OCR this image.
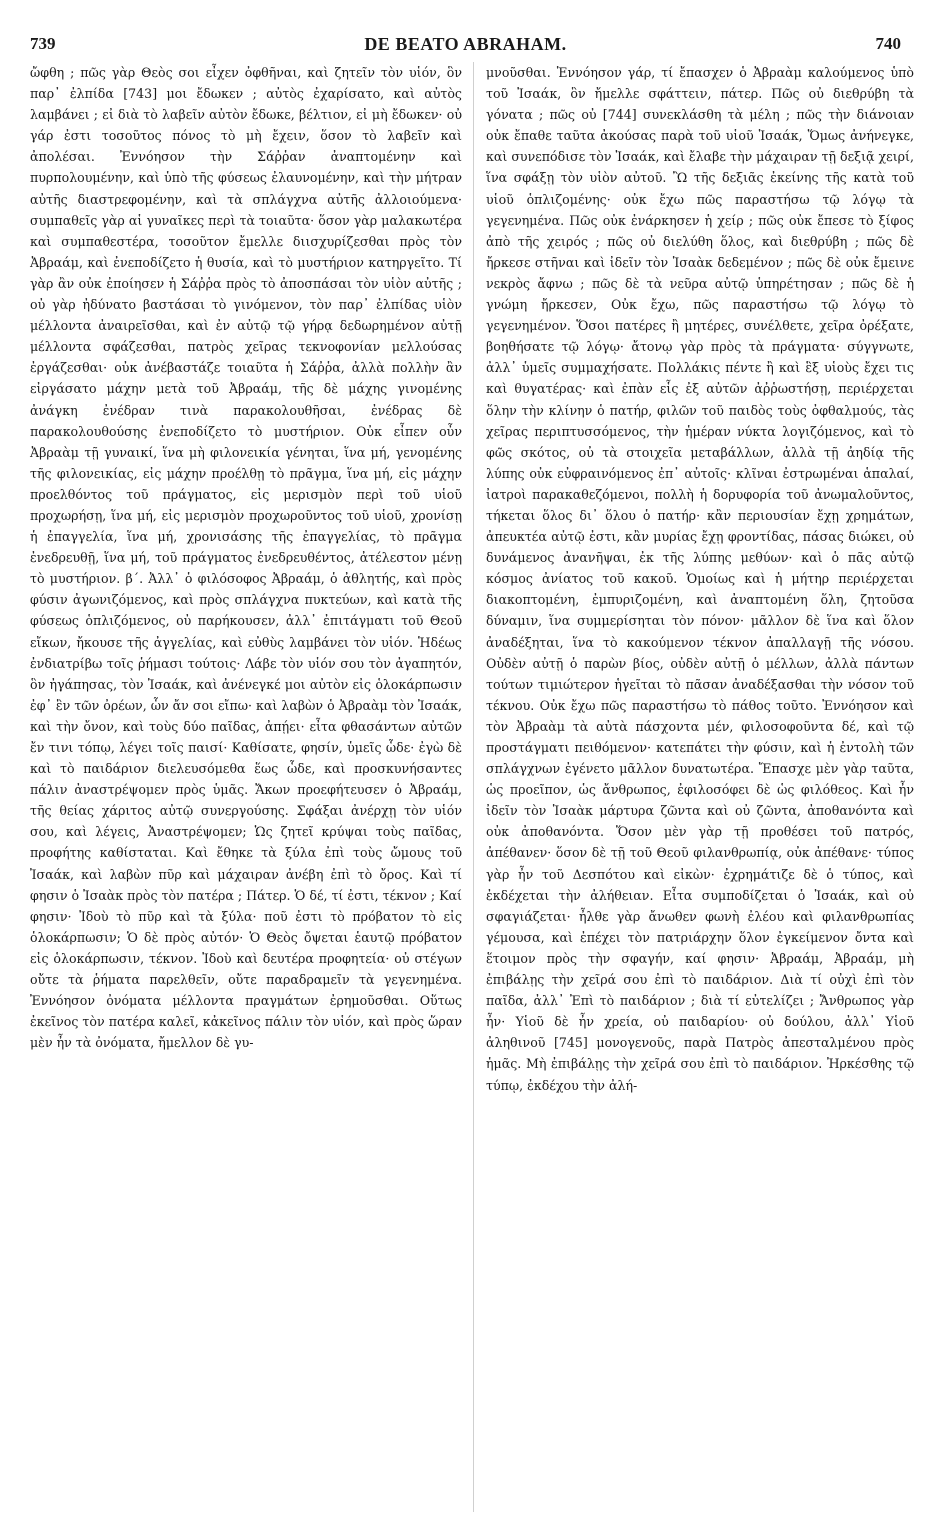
739	DE BEATO ABRAHAM.	740

ὤφθη ; πῶς γὰρ Θεὸς σοι εἶχεν ὀφθῆναι, καὶ ζητεῖν τὸν υἱόν, ὃν παρ᾽ ἐλπίδα [743] μοι ἔδωκεν ; αὐτὸς ἐχαρίσατο, καὶ αὐτὸς λαμβάνει ; εἰ διὰ τὸ λαβεῖν αὐτὸν ἔδωκε, βέλτιον, εἰ μὴ ἔδωκεν· οὐ γάρ ἐστι τοσοῦτος πόνος τὸ μὴ ἔχειν, ὅσον τὸ λαβεῖν καὶ ἀπολέσαι. Ἐννόησον τὴν Σάῤῥαν ἀναπτομένην καὶ πυρπολουμένην, καὶ ὑπὸ τῆς φύσεως ἐλαυνομένην, καὶ τὴν μήτραν αὐτῆς διαστρεφομένην, καὶ τὰ σπλάγχνα αὐτῆς ἀλλοιούμενα· συμπαθεῖς γὰρ αἱ γυναῖκες περὶ τὰ τοιαῦτα· ὅσον γὰρ μαλακωτέρα καὶ συμπαθεστέρα, τοσοῦτον ἔμελλε διισχυρίζεσθαι πρὸς τὸν Ἀβραάμ, καὶ ἐνεποδίζετο ἡ θυσία, καὶ τὸ μυστήριον κατηργεῖτο. Τί γὰρ ἂν οὐκ ἐποίησεν ἡ Σάῤῥα πρὸς τὸ ἀποσπάσαι τὸν υἱὸν αὐτῆς ; οὐ γὰρ ἠδύνατο βαστάσαι τὸ γινόμενον, τὸν παρ᾽ ἐλπίδας υἱὸν μέλλοντα ἀναιρεῖσθαι, καὶ ἐν αὐτῷ τῷ γήρᾳ δεδωρημένον αὐτῇ μέλλοντα σφάζεσθαι, πατρὸς χεῖρας τεκνοφονίαν μελλούσας ἐργάζεσθαι· οὐκ ἀνέβαστάζε τοιαῦτα ἡ Σάῤῥα, ἀλλὰ πολλὴν ἂν εἰργάσατο μάχην μετὰ τοῦ Ἀβραάμ, τῆς δὲ μάχης γινομένης ἀνάγκη ἐνέδραν τινὰ παρακολουθῆσαι, ἐνέδρας δὲ παρακολουθούσης ἐνεποδίζετο τὸ μυστήριον. Οὐκ εἶπεν οὖν Ἀβραὰμ τῇ γυναικί, ἵνα μὴ φιλονεικία γένηται, ἵνα μή, γενομένης τῆς φιλονεικίας, εἰς μάχην προέλθῃ τὸ πρᾶγμα, ἵνα μή, εἰς μάχην προελθόντος τοῦ πράγματος, εἰς μερισμὸν περὶ τοῦ υἱοῦ προχωρήσῃ, ἵνα μή, εἰς μερισμὸν προχωροῦντος τοῦ υἱοῦ, χρονίσῃ ἡ ἐπαγγελία, ἵνα μή, χρονισάσης τῆς ἐπαγγελίας, τὸ πρᾶγμα ἐνεδρευθῇ, ἵνα μή, τοῦ πράγματος ἐνεδρευθέντος, ἀτέλεστον μένῃ τὸ μυστήριον. β΄. Ἀλλ᾽ ὁ φιλόσοφος Ἀβραάμ, ὁ ἀθλητής, καὶ πρὸς φύσιν ἀγωνιζόμενος, καὶ πρὸς σπλάγχνα πυκτεύων, καὶ κατὰ τῆς φύσεως ὁπλιζόμενος, οὐ παρήκουσεν, ἀλλ᾽ ἐπιτάγματι τοῦ Θεοῦ εἴκων, ἤκουσε τῆς ἀγγελίας, καὶ εὐθὺς λαμβάνει τὸν υἱόν. Ἡδέως ἐνδιατρίβω τοῖς ῥήμασι τούτοις· Λάβε τὸν υἱόν σου τὸν ἀγαπητόν, ὃν ἠγάπησας, τὸν Ἰσαάκ, καὶ ἀνένεγκέ μοι αὐτὸν εἰς ὁλοκάρπωσιν ἐφ᾽ ἓν τῶν ὀρέων, ὧν ἄν σοι εἴπω· καὶ λαβὼν ὁ Ἀβραὰμ τὸν Ἰσαάκ, καὶ τὴν ὄνον, καὶ τοὺς δύο παῖδας, ἀπῄει· εἶτα φθασάντων αὐτῶν ἔν τινι τόπῳ, λέγει τοῖς παισί· Καθίσατε, φησίν, ὑμεῖς ὧδε· ἐγὼ δὲ καὶ τὸ παιδάριον διελευσόμεθα ἕως ὧδε, καὶ προσκυνήσαντες πάλιν ἀναστρέψομεν πρὸς ὑμᾶς. Ἄκων προεφήτευσεν ὁ Ἀβραάμ, τῆς θείας χάριτος αὐτῷ συνεργούσης. Σφάξαι ἀνέρχῃ τὸν υἱόν σου, καὶ λέγεις, Ἀναστρέψομεν; Ὡς ζητεῖ κρύψαι τοὺς παῖδας, προφήτης καθίσταται. Καὶ ἔθηκε τὰ ξύλα ἐπὶ τοὺς ὤμους τοῦ Ἰσαάκ, καὶ λαβὼν πῦρ καὶ μάχαιραν ἀνέβη ἐπὶ τὸ ὄρος. Καὶ τί φησιν ὁ Ἰσαὰκ πρὸς τὸν πατέρα ; Πάτερ. Ὁ δέ, τί ἐστι, τέκνον ; Καί φησιν· Ἰδοὺ τὸ πῦρ καὶ τὰ ξύλα· ποῦ ἐστι τὸ πρόβατον τὸ εἰς ὁλοκάρπωσιν; Ὁ δὲ πρὸς αὐτόν· Ὁ Θεὸς ὄψεται ἑαυτῷ πρόβατον εἰς ὁλοκάρπωσιν, τέκνον. Ἰδοὺ καὶ δευτέρα προφητεία· οὐ στέγων οὔτε τὰ ῥήματα παρελθεῖν, οὔτε παραδραμεῖν τὰ γεγενημένα. Ἐννόησον ὀνόματα μέλλοντα πραγμάτων ἐρημοῦσθαι. Οὕτως ἐκεῖνος τὸν πατέρα καλεῖ, κἀκεῖνος πάλιν τὸν υἱόν, καὶ πρὸς ὥραν μὲν ἦν τὰ ὀνόματα, ἤμελλον δὲ γυ-

μνοῦσθαι. Ἐννόησον γάρ, τί ἔπασχεν ὁ Ἀβραὰμ καλούμενος ὑπὸ τοῦ Ἰσαάκ, ὃν ἤμελλε σφάττειν, πάτερ. Πῶς οὐ διεθρύβη τὰ γόνατα ; πῶς οὐ [744] συνεκλάσθη τὰ μέλη ; πῶς τὴν διάνοιαν οὐκ ἔπαθε ταῦτα ἀκούσας παρὰ τοῦ υἱοῦ Ἰσαάκ, Ὅμως ἀνήνεγκε, καὶ συνεπόδισε τὸν Ἰσαάκ, καὶ ἔλαβε τὴν μάχαιραν τῇ δεξιᾷ χειρί, ἵνα σφάξῃ τὸν υἱὸν αὐτοῦ. Ὢ τῆς δεξιᾶς ἐκείνης τῆς κατὰ τοῦ υἱοῦ ὁπλιζομένης· οὐκ ἔχω πῶς παραστήσω τῷ λόγῳ τὰ γεγενημένα. Πῶς οὐκ ἐνάρκησεν ἡ χείρ ; πῶς οὐκ ἔπεσε τὸ ξίφος ἀπὸ τῆς χειρός ; πῶς οὐ διελύθη ὅλος, καὶ διεθρύβη ; πῶς δὲ ἤρκεσε στῆναι καὶ ἰδεῖν τὸν Ἰσαὰκ δεδεμένον ; πῶς δὲ οὐκ ἔμεινε νεκρὸς ἄφνω ; πῶς δὲ τὰ νεῦρα αὐτῷ ὑπηρέτησαν ; πῶς δὲ ἡ γνώμη ἤρκεσεν, Οὐκ ἔχω, πῶς παραστήσω τῷ λόγῳ τὸ γεγενημένον. Ὅσοι πατέρες ἢ μητέρες, συνέλθετε, χεῖρα ὀρέξατε, βοηθήσατε τῷ λόγῳ· ἄτονῳ γὰρ πρὸς τὰ πράγματα· σύγγνωτε, ἀλλ᾽ ὑμεῖς συμμαχήσατε. Πολλάκις πέντε ἢ καὶ ἓξ υἱοὺς ἔχει τις καὶ θυγατέρας· καὶ ἐπὰν εἷς ἐξ αὐτῶν ἀῤῥωστήσῃ, περιέρχεται ὅλην τὴν κλίνην ὁ πατήρ, φιλῶν τοῦ παιδὸς τοὺς ὀφθαλμούς, τὰς χεῖρας περιπτυσσόμενος, τὴν ἡμέραν νύκτα λογιζόμενος, καὶ τὸ φῶς σκότος, οὐ τὰ στοιχεῖα μεταβάλλων, ἀλλὰ τῇ ἀηδίᾳ τῆς λύπης οὐκ εὐφραινόμενος ἐπ᾽ αὐτοῖς· κλῖναι ἐστρωμέναι ἁπαλαί, ἰατροὶ παρακαθεζόμενοι, πολλὴ ἡ δορυφορία τοῦ ἀνωμαλοῦντος, τήκεται ὅλος δι᾽ ὅλου ὁ πατήρ· κἂν περιουσίαν ἔχῃ χρημάτων, ἀπευκτέα αὐτῷ ἐστι, κἂν μυρίας ἔχῃ φροντίδας, πάσας διώκει, οὐ δυνάμενος ἀνανῆψαι, ἐκ τῆς λύπης μεθύων· καὶ ὁ πᾶς αὐτῷ κόσμος ἀνίατος τοῦ κακοῦ. Ὁμοίως καὶ ἡ μήτηρ περιέρχεται διακοπτομένη, ἐμπυριζομένη, καὶ ἀναπτομένη ὅλη, ζητοῦσα δύναμιν, ἵνα συμμερίσηται τὸν πόνον· μᾶλλον δὲ ἵνα καὶ ὅλον ἀναδέξηται, ἵνα τὸ κακούμενον τέκνον ἀπαλλαγῇ τῆς νόσου. Οὐδὲν αὐτῇ ὁ παρὼν βίος, οὐδὲν αὐτῇ ὁ μέλλων, ἀλλὰ πάντων τούτων τιμιώτερον ἡγεῖται τὸ πᾶσαν ἀναδέξασθαι τὴν νόσον τοῦ τέκνου. Οὐκ ἔχω πῶς παραστήσω τὸ πάθος τοῦτο. Ἐννόησον καὶ τὸν Ἀβραὰμ τὰ αὐτὰ πάσχοντα μέν, φιλοσοφοῦντα δέ, καὶ τῷ προστάγματι πειθόμενον· κατεπάτει τὴν φύσιν, καὶ ἡ ἐντολὴ τῶν σπλάγχνων ἐγένετο μᾶλλον δυνατωτέρα. Ἔπασχε μὲν γὰρ ταῦτα, ὡς προεῖπον, ὡς ἄνθρωπος, ἐφιλοσόφει δὲ ὡς φιλόθεος. Καὶ ἦν ἰδεῖν τὸν Ἰσαὰκ μάρτυρα ζῶντα καὶ οὐ ζῶντα, ἀποθανόντα καὶ οὐκ ἀποθανόντα. Ὅσον μὲν γὰρ τῇ προθέσει τοῦ πατρός, ἀπέθανεν· ὅσον δὲ τῇ τοῦ Θεοῦ φιλανθρωπίᾳ, οὐκ ἀπέθανε· τύπος γὰρ ἦν τοῦ Δεσπότου καὶ εἰκὼν· ἐχρημάτιζε δὲ ὁ τύπος, καὶ ἐκδέχεται τὴν ἀλήθειαν. Εἶτα συμποδίζεται ὁ Ἰσαάκ, καὶ οὐ σφαγιάζεται· ἦλθε γὰρ ἄνωθεν φωνὴ ἐλέου καὶ φιλανθρωπίας γέμουσα, καὶ ἐπέχει τὸν πατριάρχην ὅλον ἐγκείμενον ὄντα καὶ ἕτοιμον πρὸς τὴν σφαγήν, καί φησιν· Ἀβραάμ, Ἀβραάμ, μὴ ἐπιβάλῃς τὴν χεῖρά σου ἐπὶ τὸ παιδάριον. Διὰ τί οὐχὶ ἐπὶ τὸν παῖδα, ἀλλ᾽ Ἐπὶ τὸ παιδάριον ; διὰ τί εὐτελίζει ; Ἄνθρωπος γὰρ ἦν· Υἱοῦ δὲ ἦν χρεία, οὐ παιδαρίου· οὐ δούλου, ἀλλ᾽ Υἱοῦ ἀληθινοῦ [745] μονογενοῦς, παρὰ Πατρὸς ἀπεσταλμένου πρὸς ἡμᾶς. Μὴ ἐπιβάλῃς τὴν χεῖρά σου ἐπὶ τὸ παιδάριον. Ἠρκέσθης τῷ τύπῳ, ἐκδέχου τὴν ἀλή-
